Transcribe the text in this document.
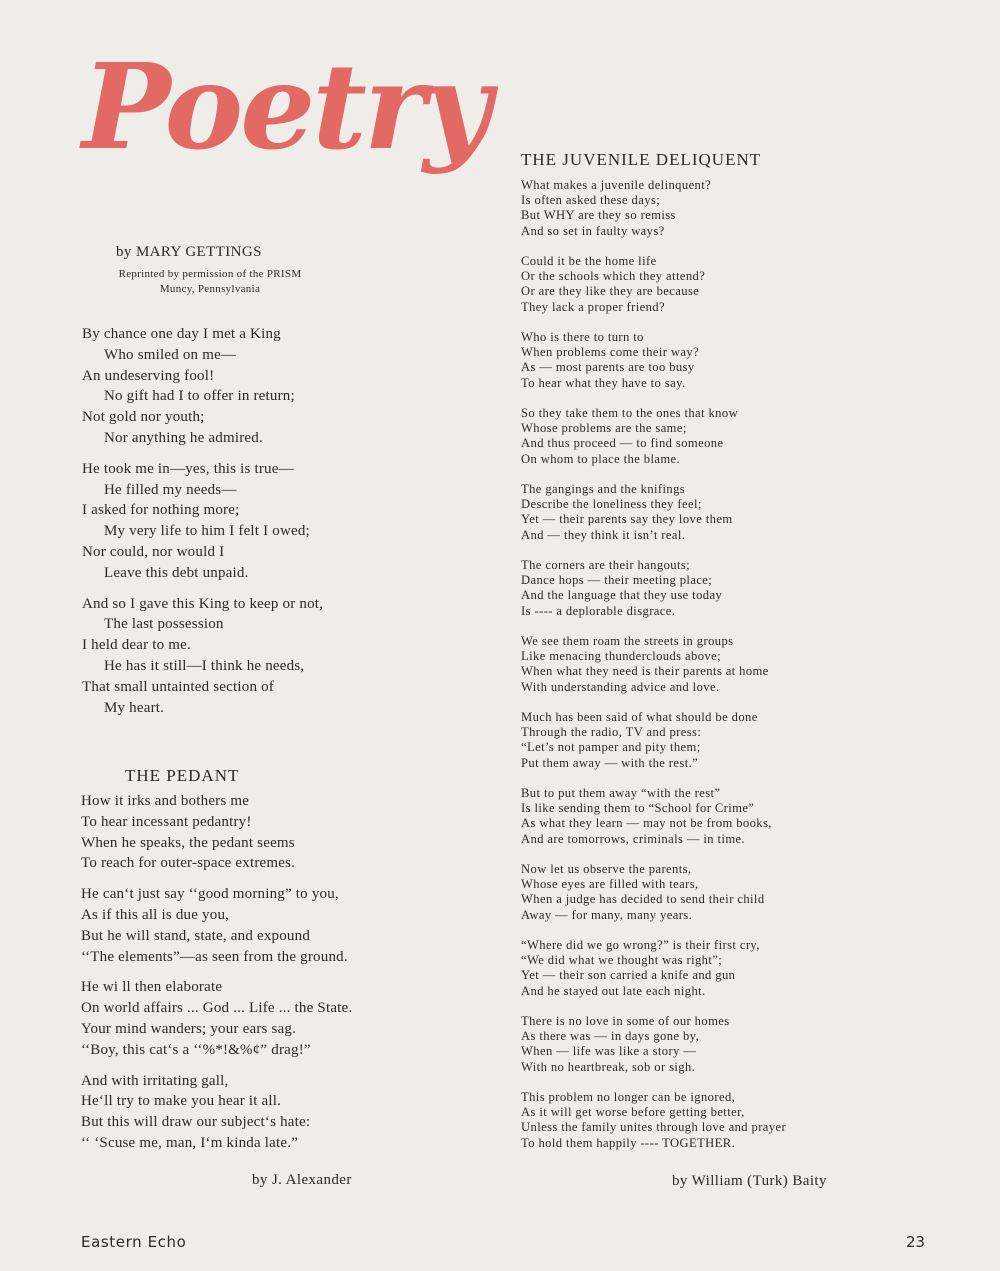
Poetry
by MARY GETTINGS
Reprinted by permission of the PRISM
Muncy, Pennsylvania
By chance one day I met a King
Who smiled on me—
An undeserving fool!
No gift had I to offer in return;
Not gold nor youth;
Nor anything he admired.
He took me in—yes, this is true—
He filled my needs—
I asked for nothing more;
My very life to him I felt I owed;
Nor could, nor would I
Leave this debt unpaid.
And so I gave this King to keep or not,
The last possession
I held dear to me.
He has it still—I think he needs,
That small untainted section of
My heart.
THE PEDANT
How it irks and bothers me
To hear incessant pedantry!
When he speaks, the pedant seems
To reach for outer-space extremes.
He can‘t just say ‘‘good morning” to you,
As if this all is due you,
But he will stand, state, and expound
‘‘The elements”—as seen from the ground.
He wi ll then elaborate
On world affairs ... God ... Life ... the State.
Your mind wanders; your ears sag.
‘‘Boy, this cat‘s a ‘‘%*!&%¢” drag!”
And with irritating gall,
He‘ll try to make you hear it all.
But this will draw our subject‘s hate:
‘‘ ‘Scuse me, man, I‘m kinda late.”
by J. Alexander
THE JUVENILE DELIQUENT
What makes a juvenile delinquent?
Is often asked these days;
But WHY are they so remiss
And so set in faulty ways?
Could it be the home life
Or the schools which they attend?
Or are they like they are because
They lack a proper friend?
Who is there to turn to
When problems come their way?
As — most parents are too busy
To hear what they have to say.
So they take them to the ones that know
Whose problems are the same;
And thus proceed — to find someone
On whom to place the blame.
The gangings and the knifings
Describe the loneliness they feel;
Yet — their parents say they love them
And — they think it isn’t real.
The corners are their hangouts;
Dance hops — their meeting place;
And the language that they use today
Is ---- a deplorable disgrace.
We see them roam the streets in groups
Like menacing thunderclouds above;
When what they need is their parents at home
With understanding advice and love.
Much has been said of what should be done
Through the radio, TV and press:
“Let’s not pamper and pity them;
Put them away — with the rest.”
But to put them away “with the rest”
Is like sending them to “School for Crime”
As what they learn — may not be from books,
And are tomorrows, criminals — in time.
Now let us observe the parents,
Whose eyes are filled with tears,
When a judge has decided to send their child
Away — for many, many years.
“Where did we go wrong?” is their first cry,
“We did what we thought was right”;
Yet — their son carried a knife and gun
And he stayed out late each night.
There is no love in some of our homes
As there was — in days gone by,
When — life was like a story —
With no heartbreak, sob or sigh.
This problem no longer can be ignored,
As it will get worse before getting better,
Unless the family unites through love and prayer
To hold them happily ---- TOGETHER.
by William (Turk) Baity
Eastern Echo	23
